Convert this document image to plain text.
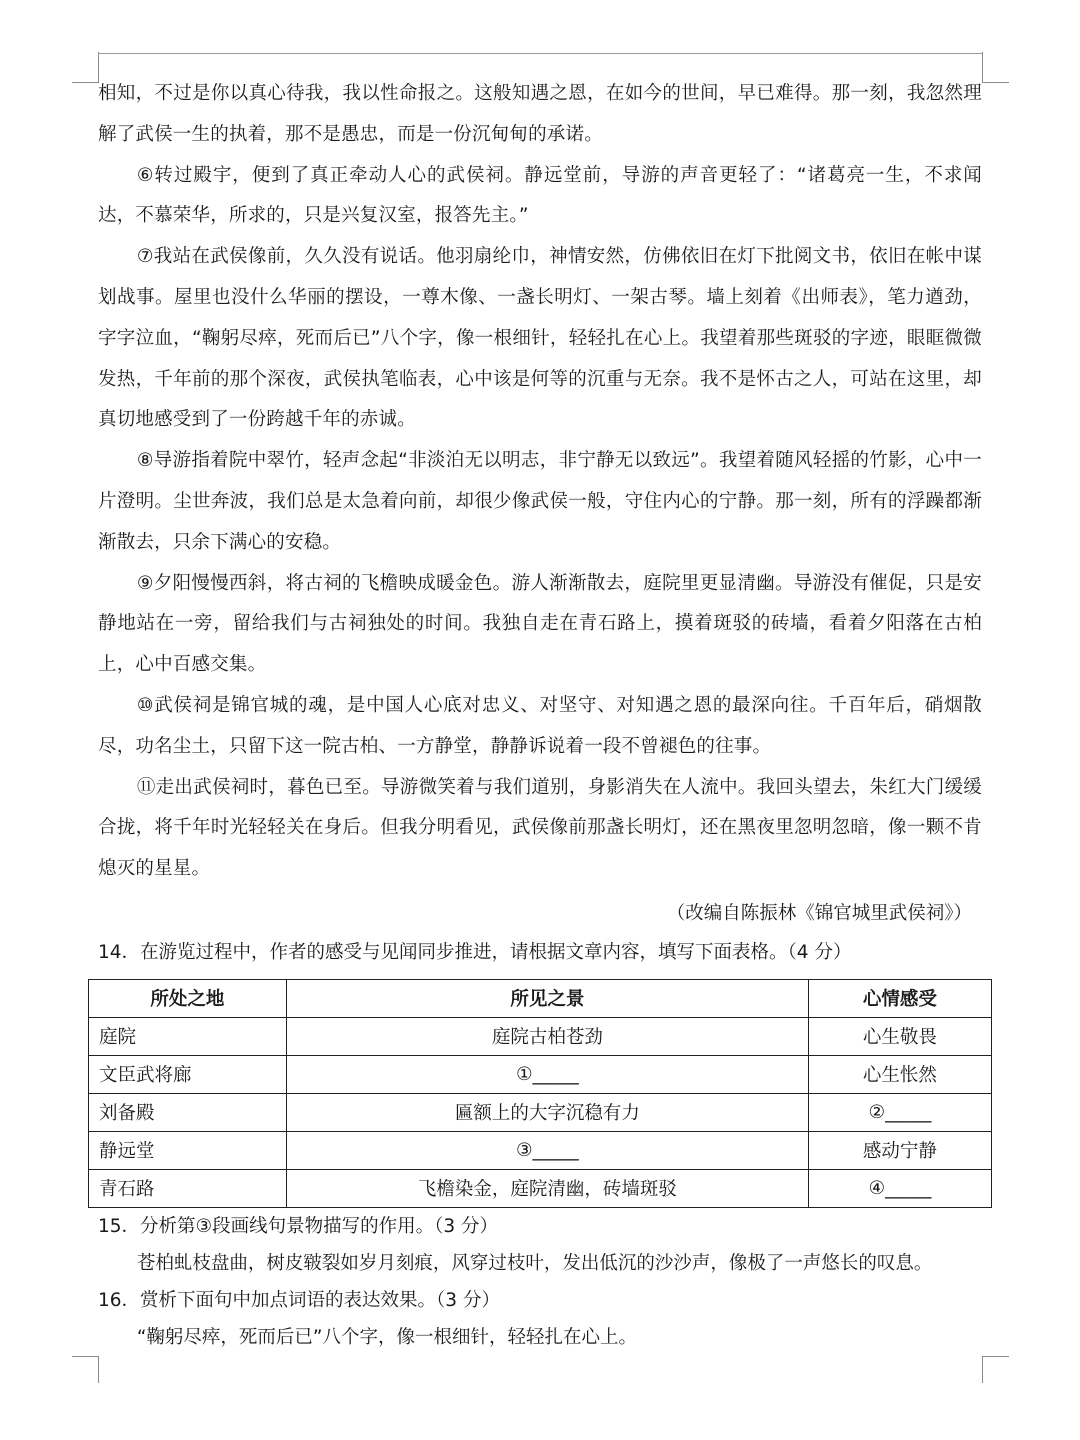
相知，不过是你以真心待我，我以性命报之。这般知遇之恩，在如今的世间，早已难得。那一刻，我忽然理解了武侯一生的执着，那不是愚忠，而是一份沉甸甸的承诺。

⑥转过殿宇，便到了真正牵动人心的武侯祠。静远堂前，导游的声音更轻了：“诸葛亮一生，不求闻达，不慕荣华，所求的，只是兴复汉室，报答先主。”

⑦我站在武侯像前，久久没有说话。他羽扇纶巾，神情安然，仿佛依旧在灯下批阅文书，依旧在帐中谋划战事。屋里也没什么华丽的摆设，一尊木像、一盏长明灯、一架古琴。墙上刻着《出师表》，笔力遒劲，字字泣血，“鞠躬尽瘁，死而后已”八个字，像一根细针，轻轻扎在心上。我望着那些斑驳的字迹，眼眶微微发热，千年前的那个深夜，武侯执笔临表，心中该是何等的沉重与无奈。我不是怀古之人，可站在这里，却真切地感受到了一份跨越千年的赤诚。

⑧导游指着院中翠竹，轻声念起“非淡泊无以明志，非宁静无以致远”。我望着随风轻摇的竹影，心中一片澄明。尘世奔波，我们总是太急着向前，却很少像武侯一般，守住内心的宁静。那一刻，所有的浮躁都渐渐散去，只余下满心的安稳。

⑨夕阳慢慢西斜，将古祠的飞檐映成暖金色。游人渐渐散去，庭院里更显清幽。导游没有催促，只是安静地站在一旁，留给我们与古祠独处的时间。我独自走在青石路上，摸着斑驳的砖墙，看着夕阳落在古柏上，心中百感交集。

⑩武侯祠是锦官城的魂，是中国人心底对忠义、对坚守、对知遇之恩的最深向往。千百年后，硝烟散尽，功名尘土，只留下这一院古柏、一方静堂，静静诉说着一段不曾褪色的往事。

⑪走出武侯祠时，暮色已至。导游微笑着与我们道别，身影消失在人流中。我回头望去，朱红大门缓缓合拢，将千年时光轻轻关在身后。但我分明看见，武侯像前那盏长明灯，还在黑夜里忽明忽暗，像一颗不肯熄灭的星星。

（改编自陈振林《锦官城里武侯祠》）

14．在游览过程中，作者的感受与见闻同步推进，请根据文章内容，填写下面表格。（4 分）

所处之地	所见之景	心情感受
庭院	庭院古柏苍劲	心生敬畏
文臣武将廊	①_____	心生怅然
刘备殿	匾额上的大字沉稳有力	②_____
静远堂	③_____	感动宁静
青石路	飞檐染金，庭院清幽，砖墙斑驳	④_____

15．分析第③段画线句景物描写的作用。（3 分）

苍柏虬枝盘曲，树皮皲裂如岁月刻痕，风穿过枝叶，发出低沉的沙沙声，像极了一声悠长的叹息。

16．赏析下面句中加点词语的表达效果。（3 分）

“鞠躬尽瘁，死而后已”八个字，像一根细针，轻轻扎在心上。
